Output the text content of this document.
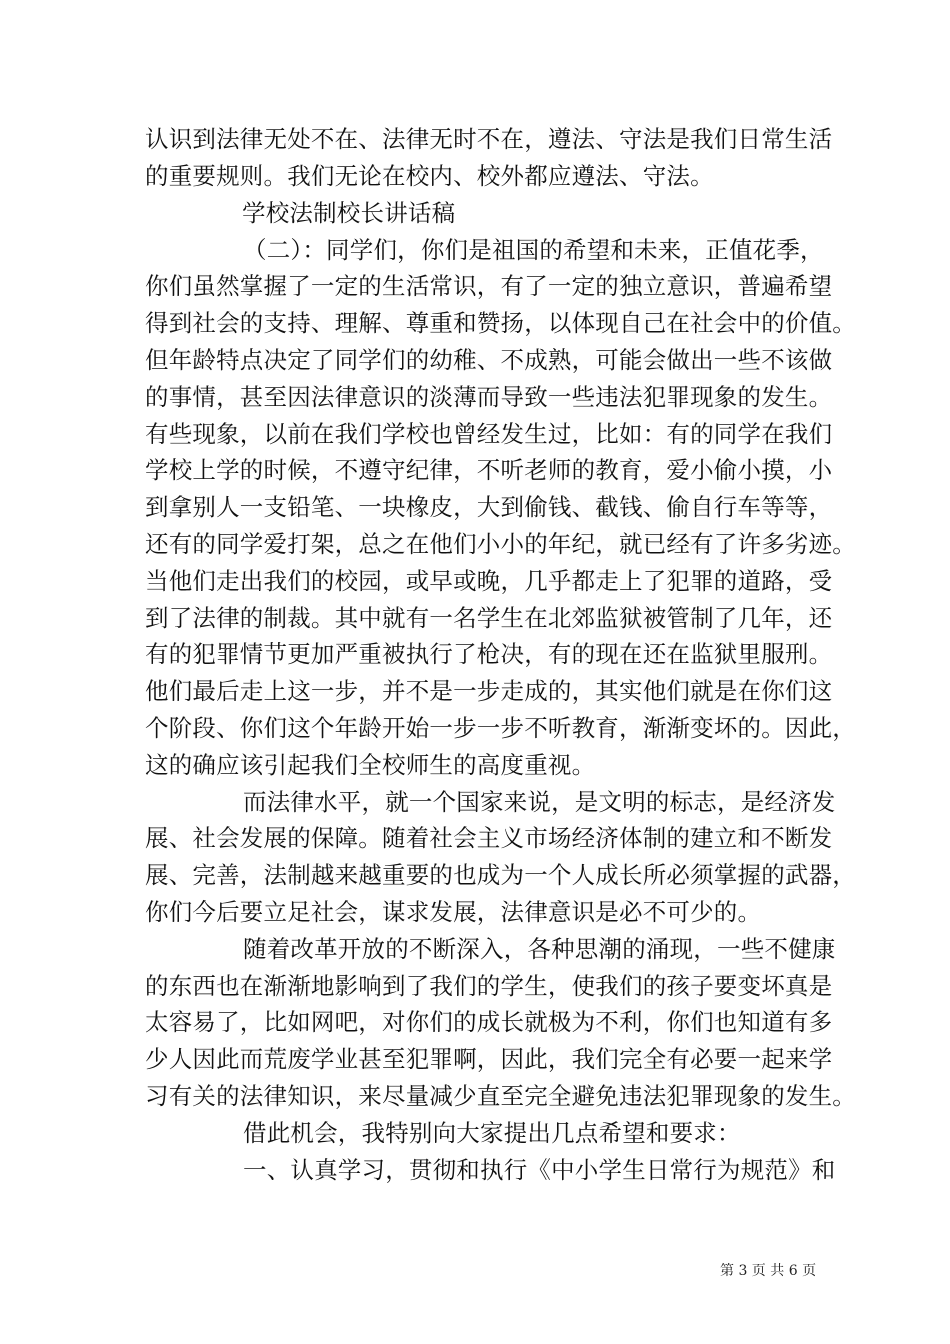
认识到法律无处不在、法律无时不在，遵法、守法是我们日常生活
的重要规则。我们无论在校内、校外都应遵法、守法。
学校法制校长讲话稿
（二）：同学们，你们是祖国的希望和未来，正值花季，
你们虽然掌握了一定的生活常识，有了一定的独立意识，普遍希望
得到社会的支持、理解、尊重和赞扬，以体现自己在社会中的价值。
但年龄特点决定了同学们的幼稚、不成熟，可能会做出一些不该做
的事情，甚至因法律意识的淡薄而导致一些违法犯罪现象的发生。
有些现象，以前在我们学校也曾经发生过，比如：有的同学在我们
学校上学的时候，不遵守纪律，不听老师的教育，爱小偷小摸，小
到拿别人一支铅笔、一块橡皮，大到偷钱、截钱、偷自行车等等，
还有的同学爱打架，总之在他们小小的年纪，就已经有了许多劣迹。
当他们走出我们的校园，或早或晚，几乎都走上了犯罪的道路，受
到了法律的制裁。其中就有一名学生在北郊监狱被管制了几年，还
有的犯罪情节更加严重被执行了枪决，有的现在还在监狱里服刑。
他们最后走上这一步，并不是一步走成的，其实他们就是在你们这
个阶段、你们这个年龄开始一步一步不听教育，渐渐变坏的。因此，
这的确应该引起我们全校师生的高度重视。
而法律水平，就一个国家来说，是文明的标志，是经济发
展、社会发展的保障。随着社会主义市场经济体制的建立和不断发
展、完善，法制越来越重要的也成为一个人成长所必须掌握的武器，
你们今后要立足社会，谋求发展，法律意识是必不可少的。
随着改革开放的不断深入，各种思潮的涌现，一些不健康
的东西也在渐渐地影响到了我们的学生，使我们的孩子要变坏真是
太容易了，比如网吧，对你们的成长就极为不利，你们也知道有多
少人因此而荒废学业甚至犯罪啊，因此，我们完全有必要一起来学
习有关的法律知识，来尽量减少直至完全避免违法犯罪现象的发生。
借此机会，我特别向大家提出几点希望和要求：
一、认真学习，贯彻和执行《中小学生日常行为规范》和
第 3 页 共 6 页
